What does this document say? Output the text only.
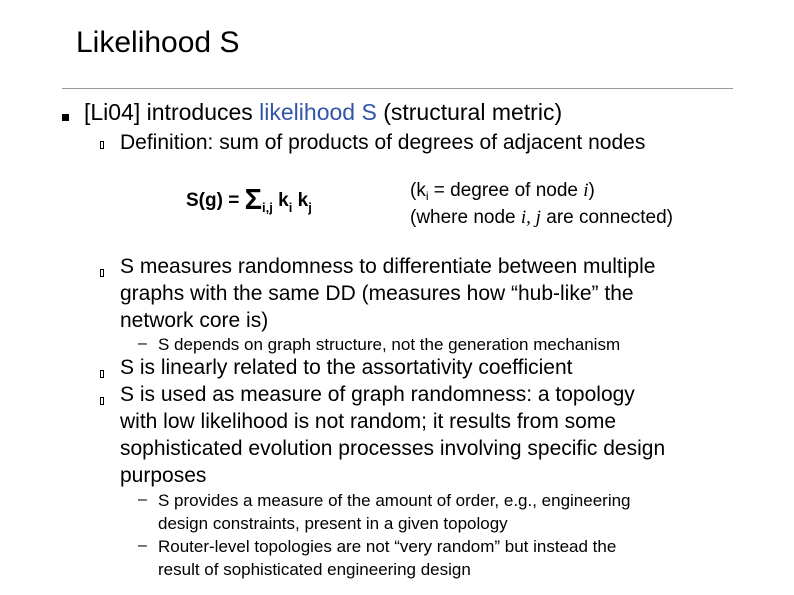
Likelihood S
[Li04] introduces likelihood S (structural metric)
Definition: sum of products of degrees of adjacent nodes
$S(g) = \Sigma_{i,j}$ $k_i$ $k_j$
($k_i$ = degree of node i)
(where node i, j are connected)
S measures randomness to differentiate between multiple
graphs with the same DD (measures how “hub-like” the
network core is)
– S depends on graph structure, not the generation mechanism
S is linearly related to the assortativity coefficient
S is used as measure of graph randomness: a topology
with low likelihood is not random; it results from some
sophisticated evolution processes involving specific design
purposes
– S provides a measure of the amount of order, e.g., engineering
design constraints, present in a given topology
– Router-level topologies are not “very random” but instead the
result of sophisticated engineering design
